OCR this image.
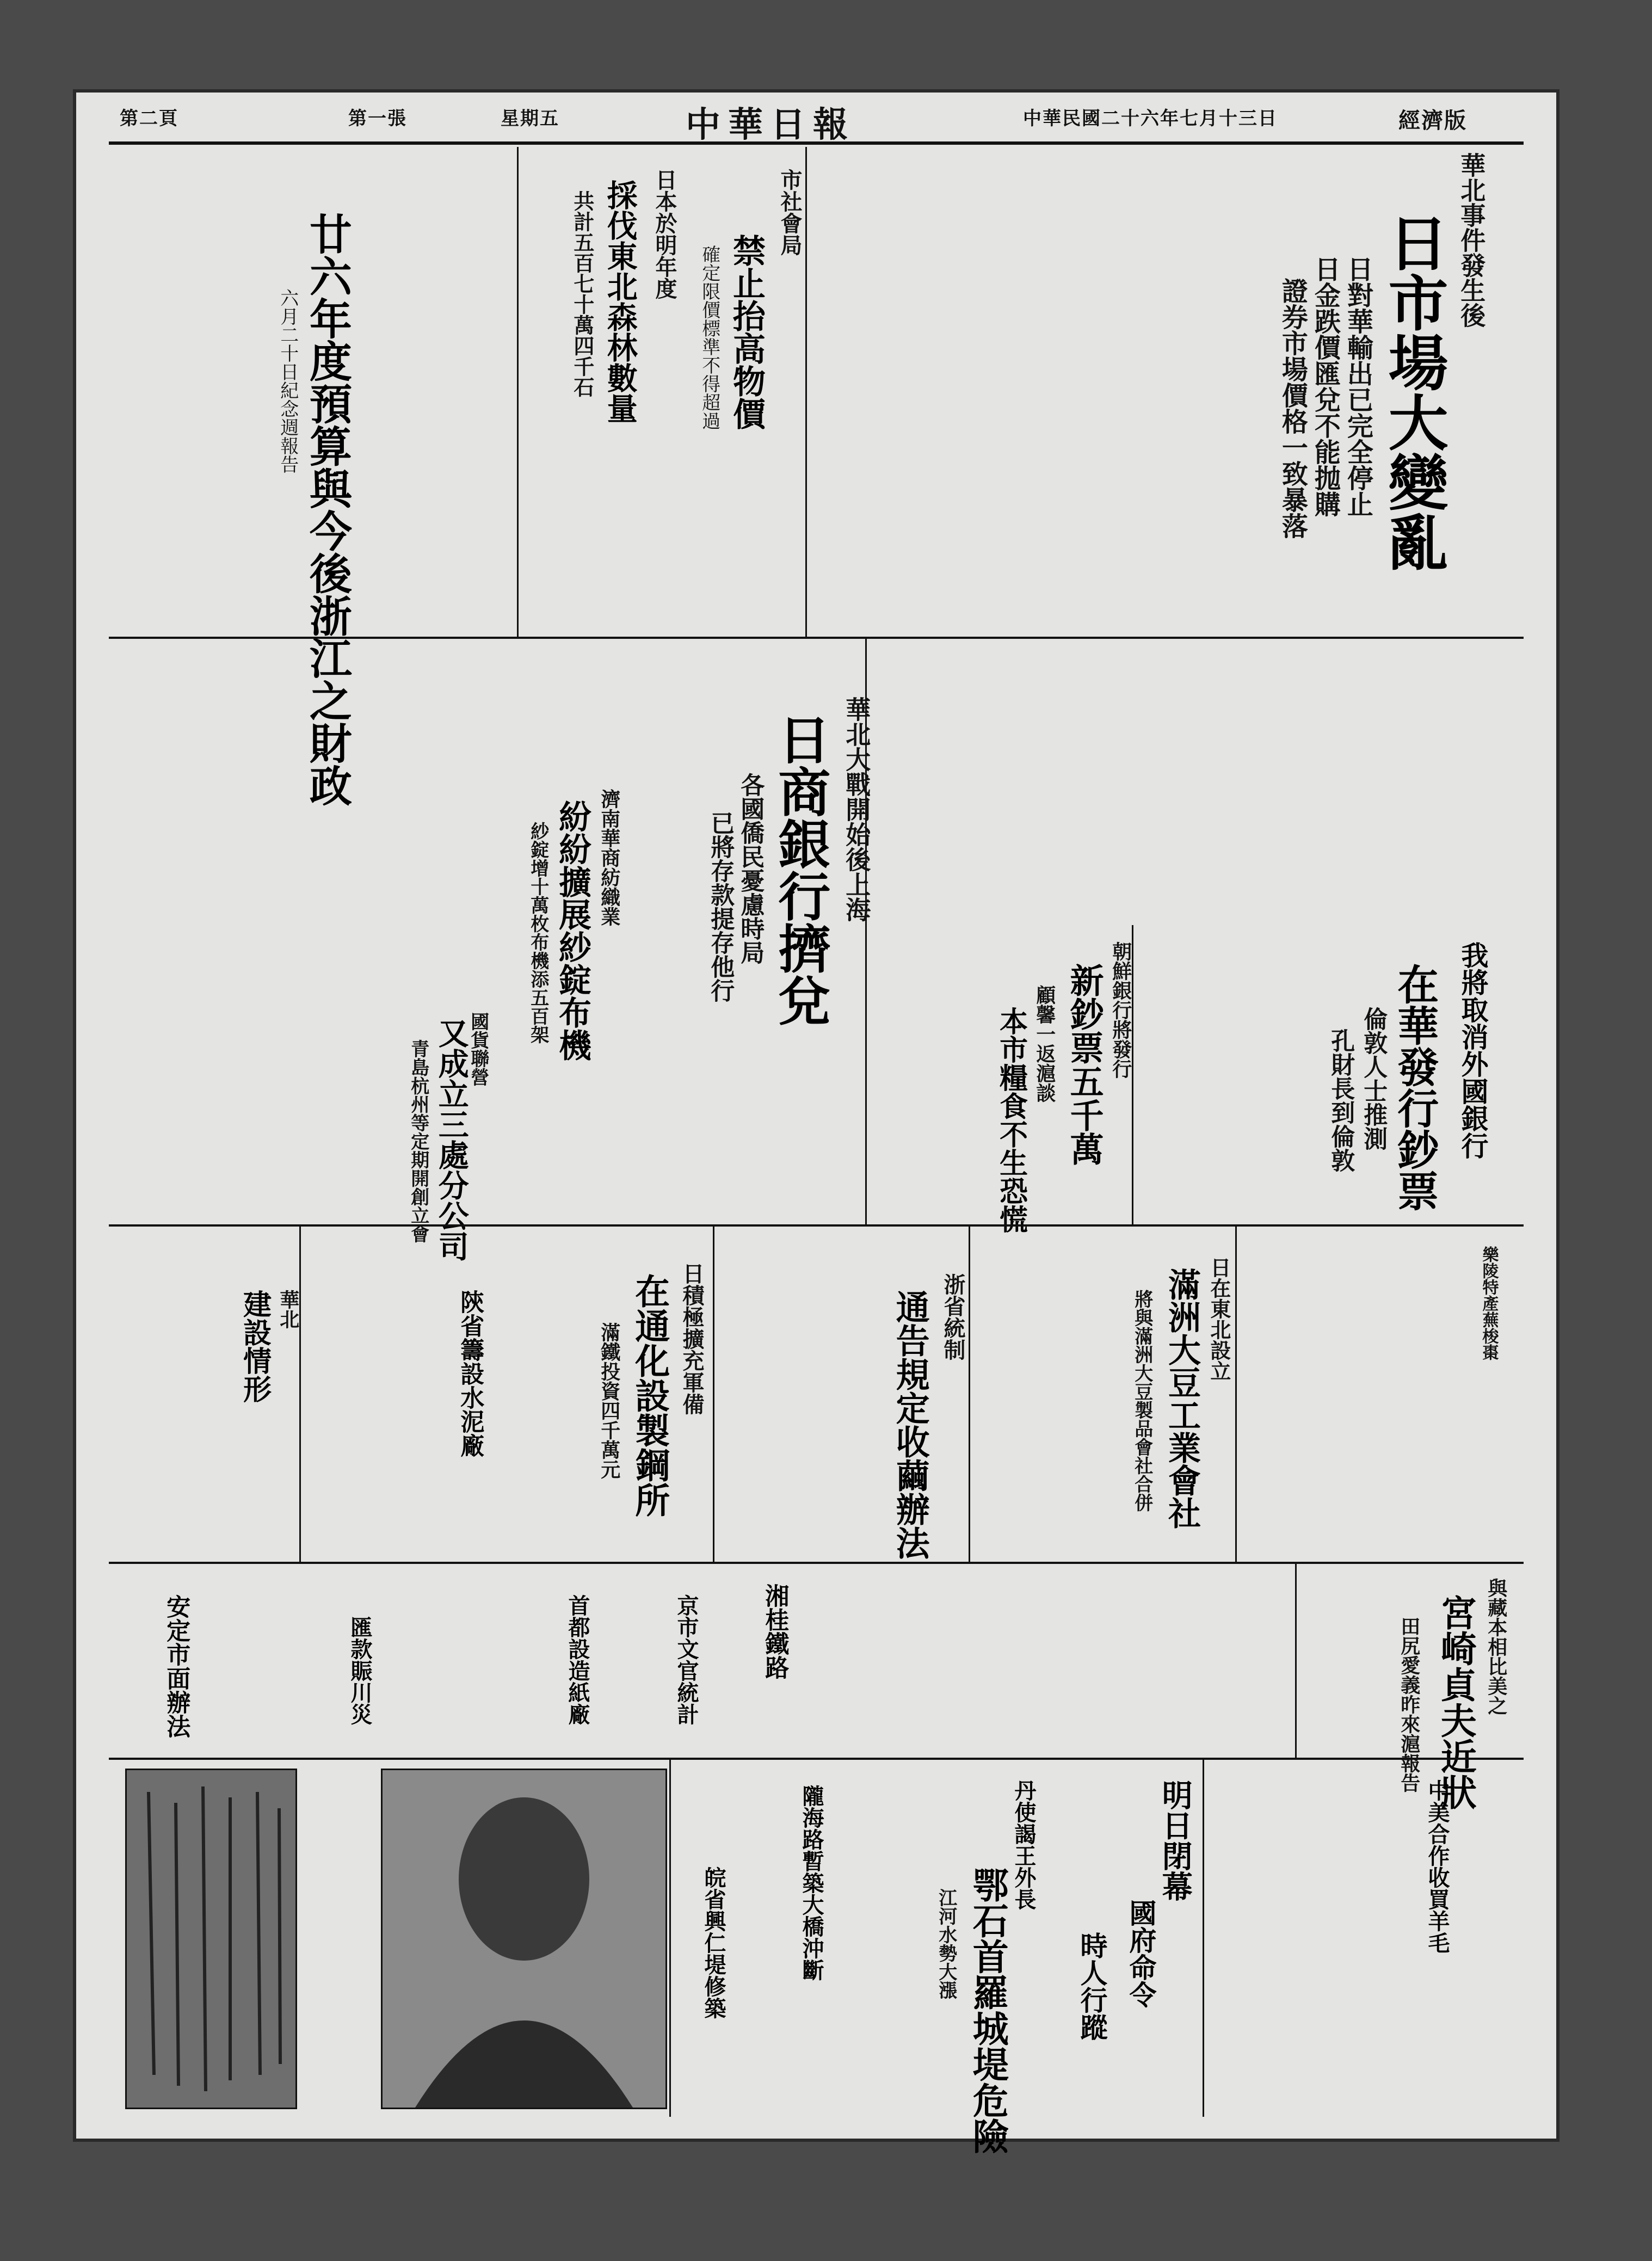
經濟版
中華民國二十六年七月十三日
中華日報
星期五
第一張
第二頁
廿六年度預算與今後浙江之財政
六月二十日紀念週報告
日本於明年度
採伐東北森林數量
共計五百七十萬四千石	市社會局
禁止抬高物價
確定限價標準不得超過
華北事件發生後
日市場大變亂
日對華輸出已完全停止
日金跌價匯兌不能抛購
證券市場價格一致暴落
華北大戰開始後上海
日商銀行擠兌
各國僑民憂慮時局
已將存款提存他行
濟南華商紡織業
紛紛擴展紗錠布機
紗錠增十萬枚布機添五百架
國貨聯營
又成立三處分公司
青島杭州等定期開創立會
朝鮮銀行將發行
新鈔票五千萬
顧馨一返滬談
本市糧食不生恐慌	我將取消外國銀行
在華發行鈔票
倫敦人士推測
孔財長到倫敦
日在東北設立
滿洲大豆工業會社
將與滿洲大豆製品會社合併
浙省統制
通告規定收繭辦法
日積極擴充軍備
在通化設製鋼所
滿鐵投資四千萬元
陝省籌設水泥廠
華北
建設情形	樂陵特產蕪梭棗
與藏本相比美之
宮崎貞夫近狀
田尻愛義昨來滬報告
湘桂鐵路
京市文官統計
首都設造紙廠
匯款賑川災
安定市面辦法
隴海路暫築大橋沖斷
皖省興仁堤修築
丹使謁王外長
鄂石首羅城堤危險
江河水勢大漲
明日閉幕
國府命令
時人行蹤
中美合作收買羊毛
